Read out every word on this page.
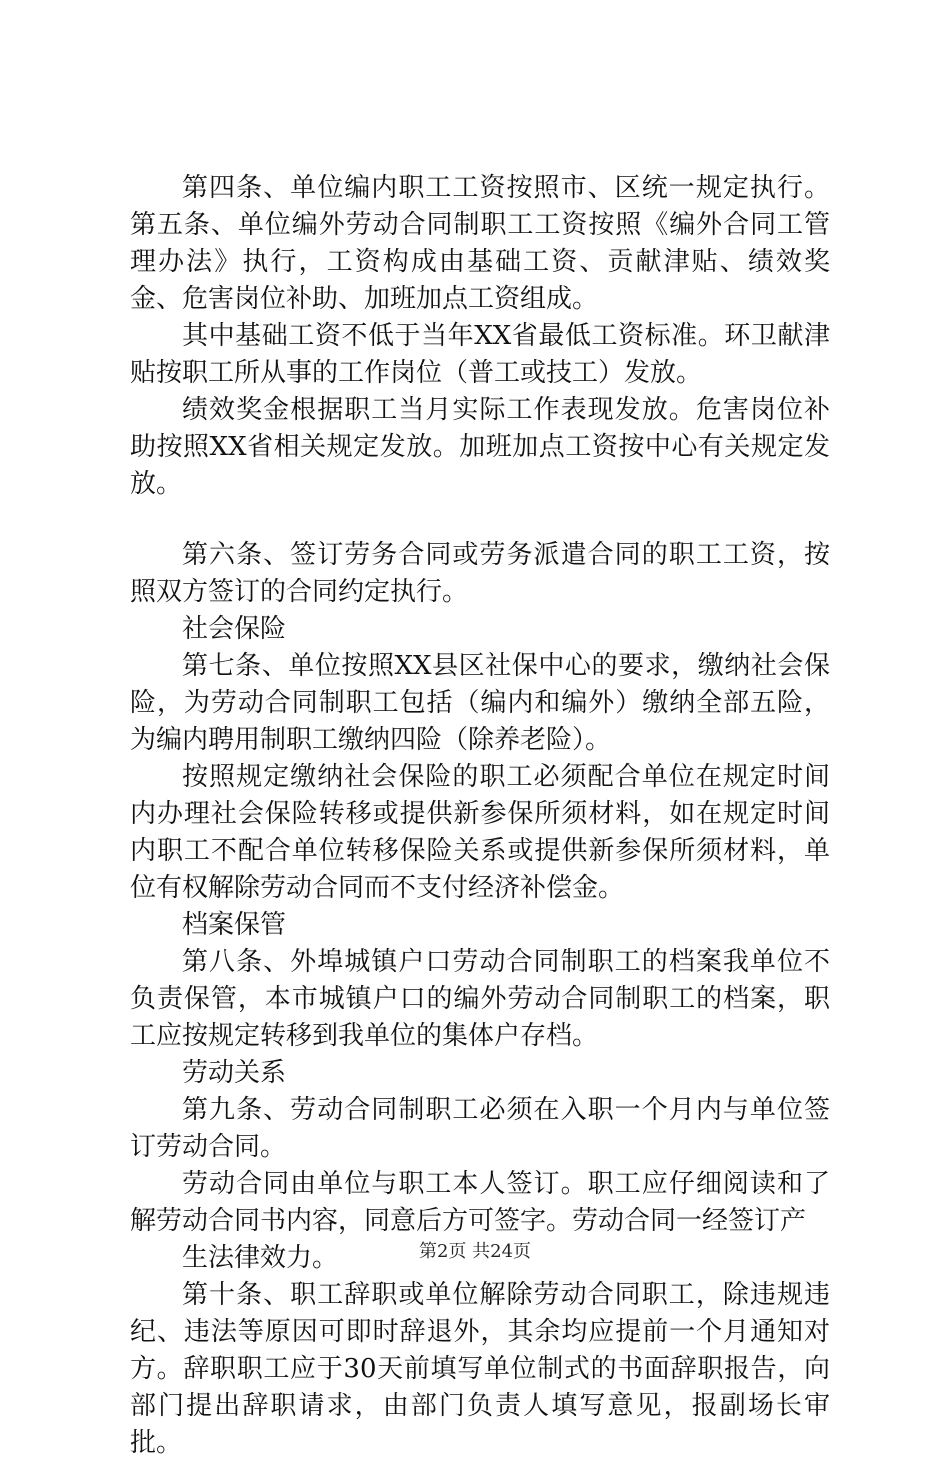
第四条、单位编内职工工资按照市、区统一规定执行。第五条、单位编外劳动合同制职工工资按照《编外合同工管理办法》执行，工资构成由基础工资、贡献津贴、绩效奖金、危害岗位补助、加班加点工资组成。

其中基础工资不低于当年XX省最低工资标准。环卫献津贴按职工所从事的工作岗位（普工或技工）发放。

绩效奖金根据职工当月实际工作表现发放。危害岗位补助按照XX省相关规定发放。加班加点工资按中心有关规定发放。

第六条、签订劳务合同或劳务派遣合同的职工工资，按照双方签订的合同约定执行。

社会保险

第七条、单位按照XX县区社保中心的要求，缴纳社会保险，为劳动合同制职工包括（编内和编外）缴纳全部五险，为编内聘用制职工缴纳四险（除养老险）。

按照规定缴纳社会保险的职工必须配合单位在规定时间内办理社会保险转移或提供新参保所须材料，如在规定时间内职工不配合单位转移保险关系或提供新参保所须材料，单位有权解除劳动合同而不支付经济补偿金。

档案保管

第八条、外埠城镇户口劳动合同制职工的档案我单位不负责保管，本市城镇户口的编外劳动合同制职工的档案，职工应按规定转移到我单位的集体户存档。

劳动关系

第九条、劳动合同制职工必须在入职一个月内与单位签订劳动合同。

劳动合同由单位与职工本人签订。职工应仔细阅读和了解劳动合同书内容，同意后方可签字。劳动合同一经签订产

生法律效力。

第十条、职工辞职或单位解除劳动合同职工，除违规违纪、违法等原因可即时辞退外，其余均应提前一个月通知对方。辞职职工应于30天前填写单位制式的书面辞职报告，向部门提出辞职请求，由部门负责人填写意见，报副场长审批。

第2页 共24页
